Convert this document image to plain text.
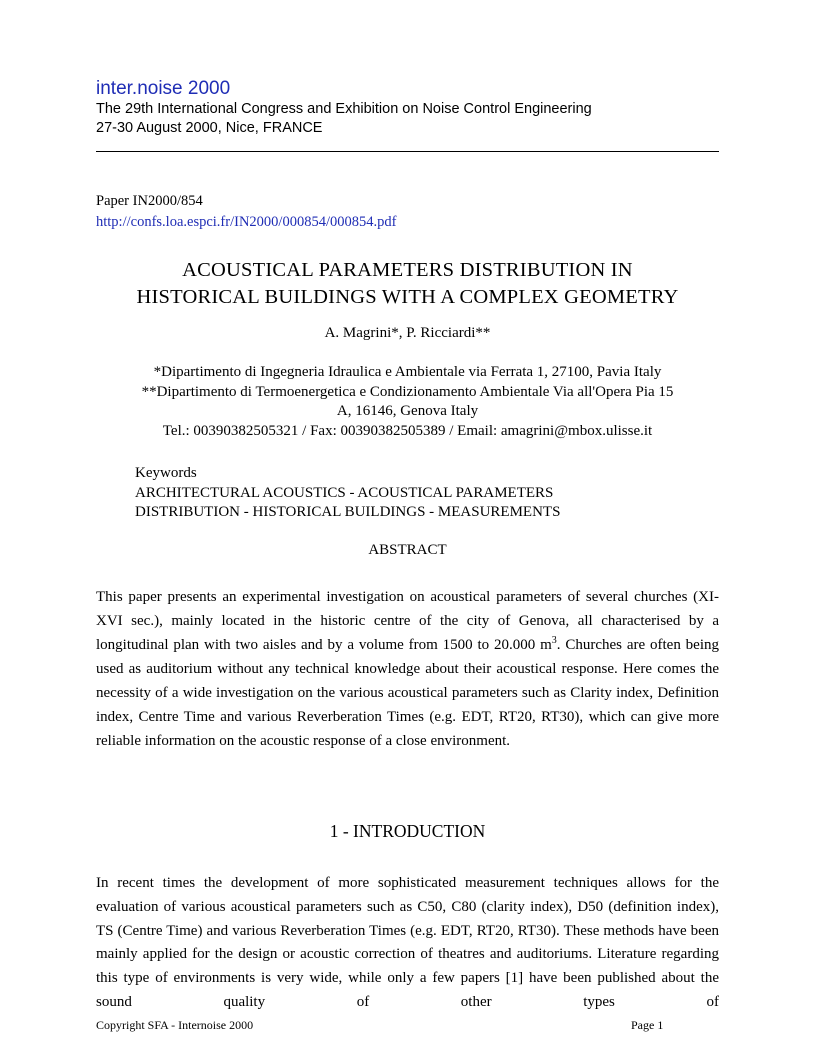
inter.noise 2000
The 29th International Congress and Exhibition on Noise Control Engineering
27-30 August 2000, Nice, FRANCE
Paper IN2000/854
http://confs.loa.espci.fr/IN2000/000854/000854.pdf
ACOUSTICAL PARAMETERS DISTRIBUTION IN
HISTORICAL BUILDINGS WITH A COMPLEX GEOMETRY
A. Magrini*, P. Ricciardi**
*Dipartimento di Ingegneria Idraulica e Ambientale via Ferrata 1, 27100, Pavia Italy
**Dipartimento di Termoenergetica e Condizionamento Ambientale Via all'Opera Pia 15
A, 16146, Genova Italy
Tel.: 00390382505321 / Fax: 00390382505389 / Email: amagrini@mbox.ulisse.it
Keywords
ARCHITECTURAL ACOUSTICS - ACOUSTICAL PARAMETERS
DISTRIBUTION - HISTORICAL BUILDINGS - MEASUREMENTS
ABSTRACT

This paper presents an experimental investigation on acoustical parameters of several churches (XI-XVI sec.), mainly located in the historic centre of the city of Genova, all characterised by a longitudinal plan with two aisles and by a volume from 1500 to 20.000 $m^3$. Churches are often being used as auditorium without any technical knowledge about their acoustical response. Here comes the necessity of a wide investigation on the various acoustical parameters such as Clarity index, Definition index, Centre Time and various Reverberation Times (e.g. EDT, RT20, RT30), which can give more reliable information on the acoustic response of a close environment.

1 - INTRODUCTION

In recent times the development of more sophisticated measurement techniques allows for the evaluation of various acoustical parameters such as C50, C80 (clarity index), D50 (definition index), TS (Centre Time) and various Reverberation Times (e.g. EDT, RT20, RT30). These methods have been mainly applied for the design or acoustic correction of theatres and auditoriums. Literature regarding this type of environments is very wide, while only a few papers [1] have been published about the sound quality of other types of

Copyright SFA - Internoise 2000	Page 1
